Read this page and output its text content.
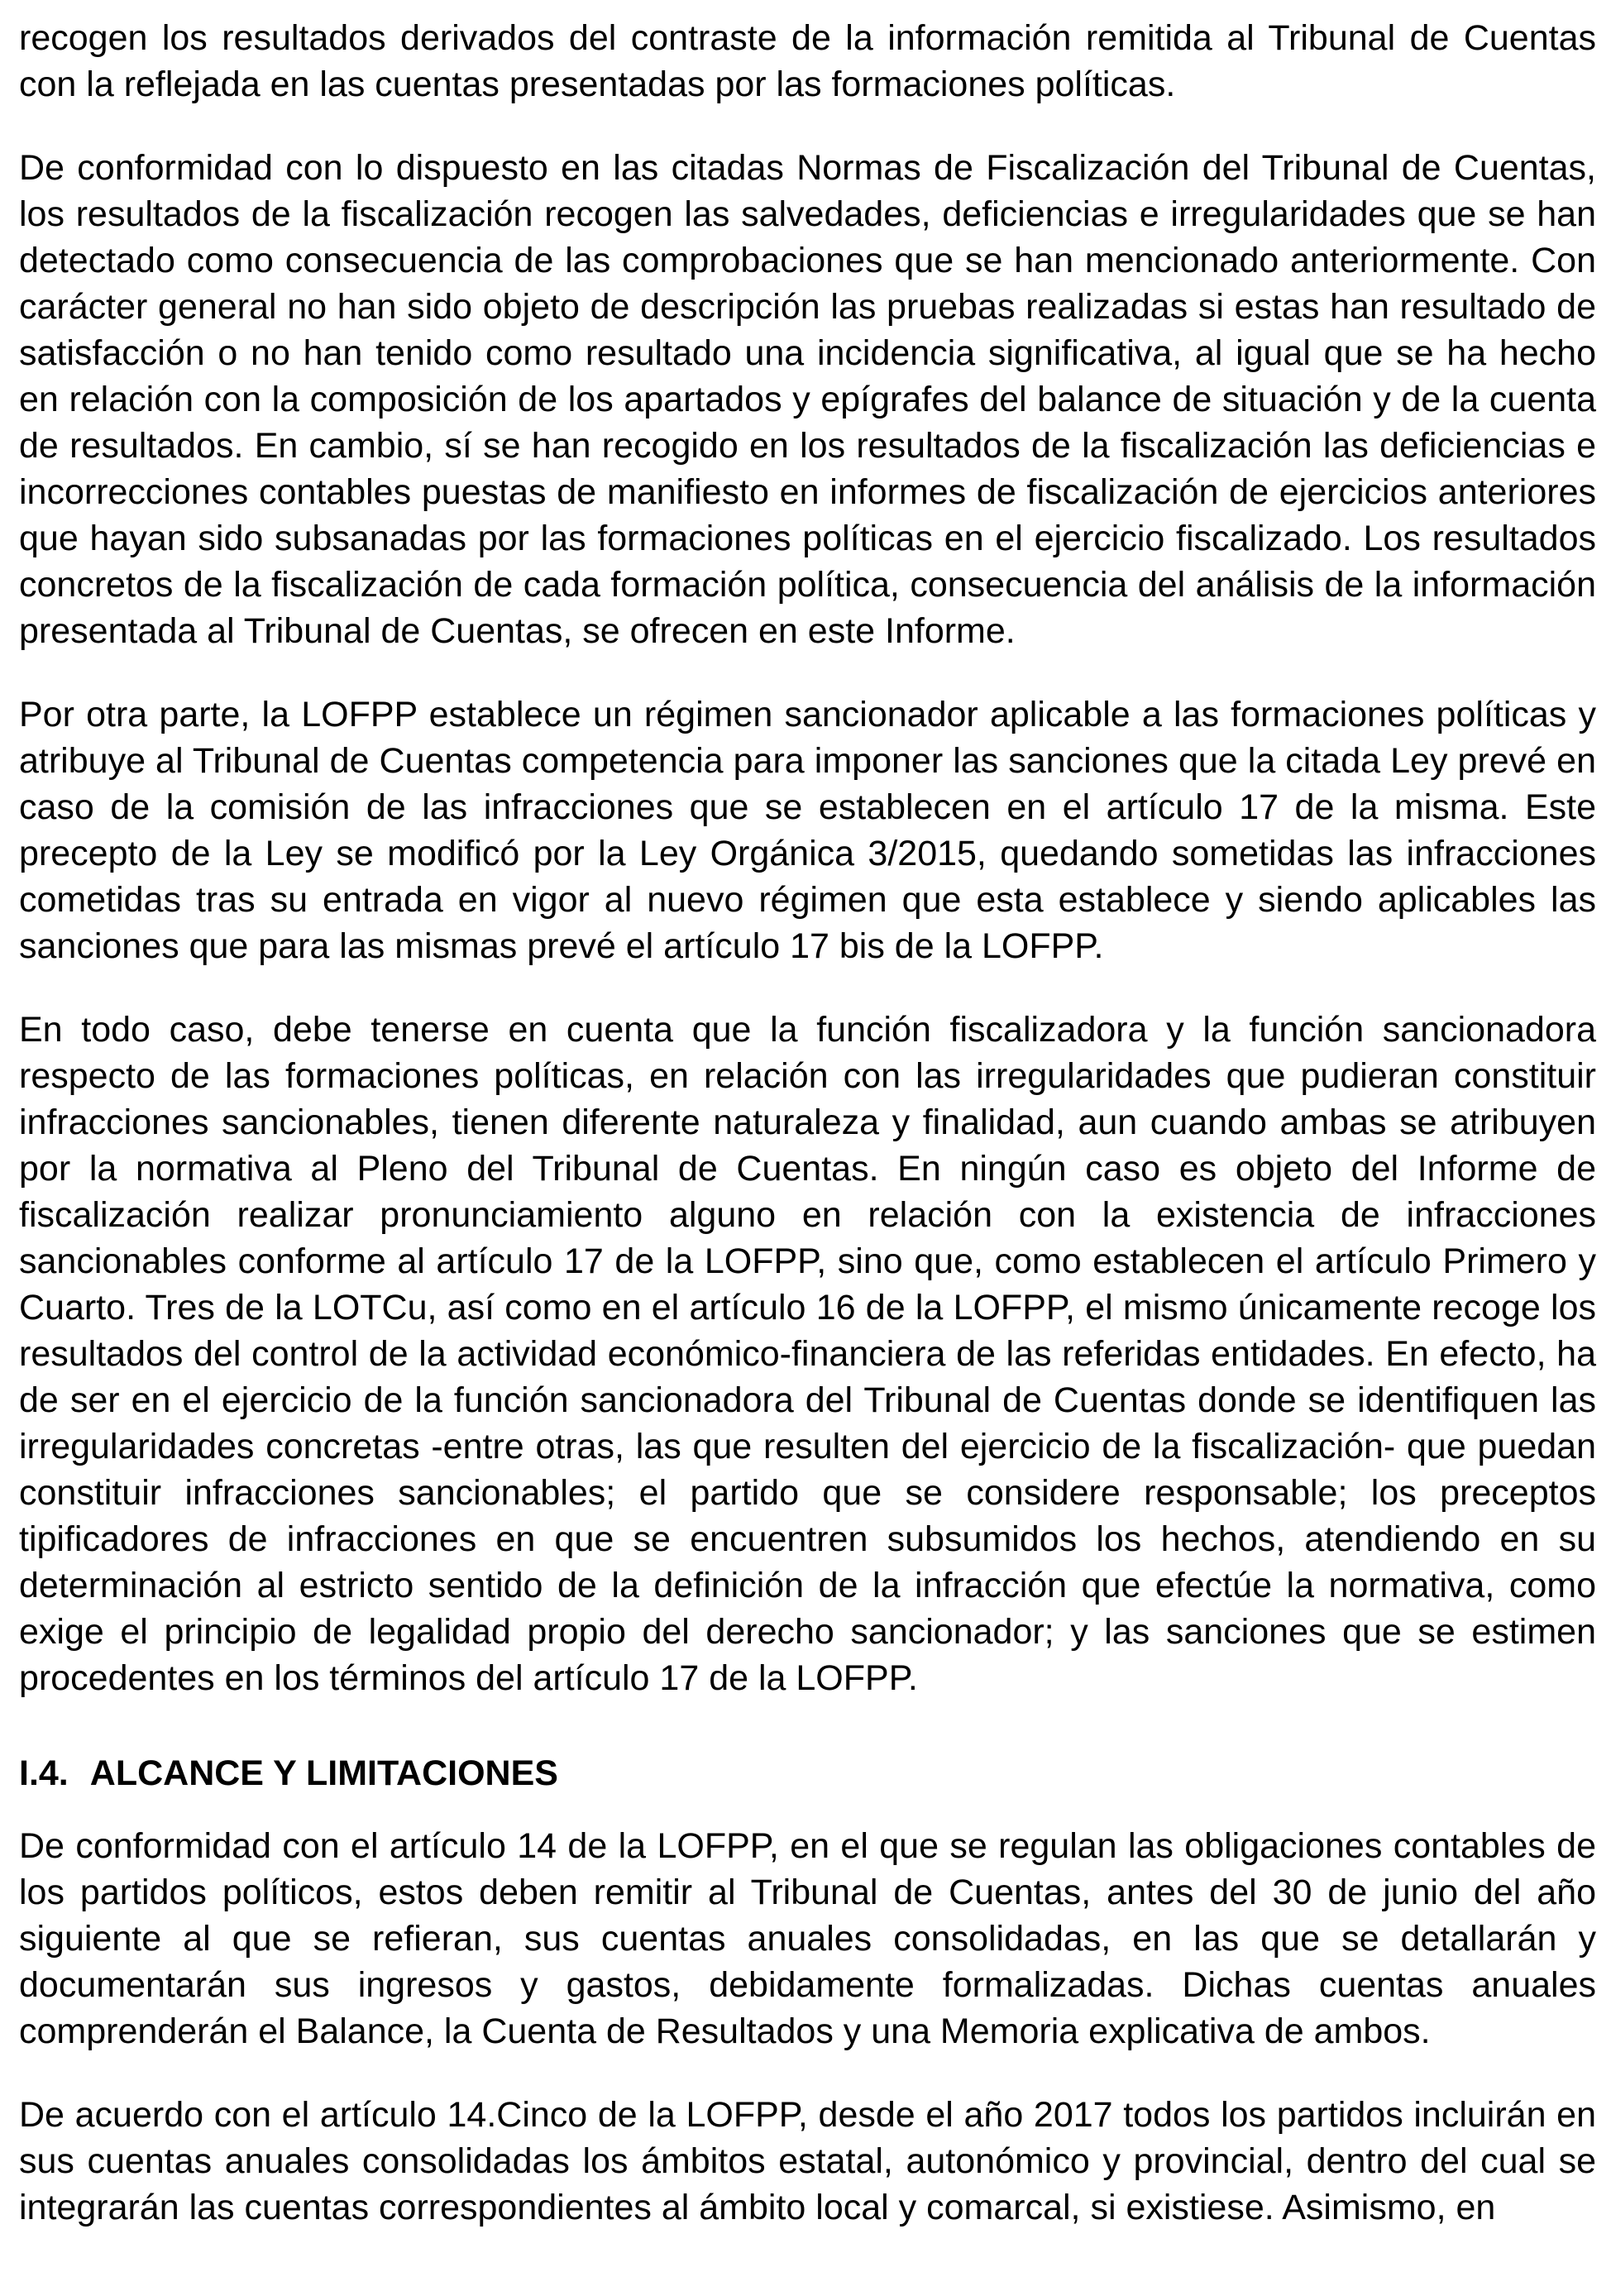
recogen los resultados derivados del contraste de la información remitida al Tribunal de Cuentas con la reflejada en las cuentas presentadas por las formaciones políticas.

De conformidad con lo dispuesto en las citadas Normas de Fiscalización del Tribunal de Cuentas, los resultados de la fiscalización recogen las salvedades, deficiencias e irregularidades que se han detectado como consecuencia de las comprobaciones que se han mencionado anteriormente. Con carácter general no han sido objeto de descripción las pruebas realizadas si estas han resultado de satisfacción o no han tenido como resultado una incidencia significativa, al igual que se ha hecho en relación con la composición de los apartados y epígrafes del balance de situación y de la cuenta de resultados. En cambio, sí se han recogido en los resultados de la fiscalización las deficiencias e incorrecciones contables puestas de manifiesto en informes de fiscalización de ejercicios anteriores que hayan sido subsanadas por las formaciones políticas en el ejercicio fiscalizado. Los resultados concretos de la fiscalización de cada formación política, consecuencia del análisis de la información presentada al Tribunal de Cuentas, se ofrecen en este Informe.

Por otra parte, la LOFPP establece un régimen sancionador aplicable a las formaciones políticas y atribuye al Tribunal de Cuentas competencia para imponer las sanciones que la citada Ley prevé en caso de la comisión de las infracciones que se establecen en el artículo 17 de la misma. Este precepto de la Ley se modificó por la Ley Orgánica 3/2015, quedando sometidas las infracciones cometidas tras su entrada en vigor al nuevo régimen que esta establece y siendo aplicables las sanciones que para las mismas prevé el artículo 17 bis de la LOFPP.

En todo caso, debe tenerse en cuenta que la función fiscalizadora y la función sancionadora respecto de las formaciones políticas, en relación con las irregularidades que pudieran constituir infracciones sancionables, tienen diferente naturaleza y finalidad, aun cuando ambas se atribuyen por la normativa al Pleno del Tribunal de Cuentas. En ningún caso es objeto del Informe de fiscalización realizar pronunciamiento alguno en relación con la existencia de infracciones sancionables conforme al artículo 17 de la LOFPP, sino que, como establecen el artículo Primero y Cuarto. Tres de la LOTCu, así como en el artículo 16 de la LOFPP, el mismo únicamente recoge los resultados del control de la actividad económico-financiera de las referidas entidades. En efecto, ha de ser en el ejercicio de la función sancionadora del Tribunal de Cuentas donde se identifiquen las irregularidades concretas -entre otras, las que resulten del ejercicio de la fiscalización- que puedan constituir infracciones sancionables; el partido que se considere responsable; los preceptos tipificadores de infracciones en que se encuentren subsumidos los hechos, atendiendo en su determinación al estricto sentido de la definición de la infracción que efectúe la normativa, como exige el principio de legalidad propio del derecho sancionador; y las sanciones que se estimen procedentes en los términos del artículo 17 de la LOFPP.

I.4. ALCANCE Y LIMITACIONES

De conformidad con el artículo 14 de la LOFPP, en el que se regulan las obligaciones contables de los partidos políticos, estos deben remitir al Tribunal de Cuentas, antes del 30 de junio del año siguiente al que se refieran, sus cuentas anuales consolidadas, en las que se detallarán y documentarán sus ingresos y gastos, debidamente formalizadas. Dichas cuentas anuales comprenderán el Balance, la Cuenta de Resultados y una Memoria explicativa de ambos.

De acuerdo con el artículo 14.Cinco de la LOFPP, desde el año 2017 todos los partidos incluirán en sus cuentas anuales consolidadas los ámbitos estatal, autonómico y provincial, dentro del cual se integrarán las cuentas correspondientes al ámbito local y comarcal, si existiese. Asimismo, en
